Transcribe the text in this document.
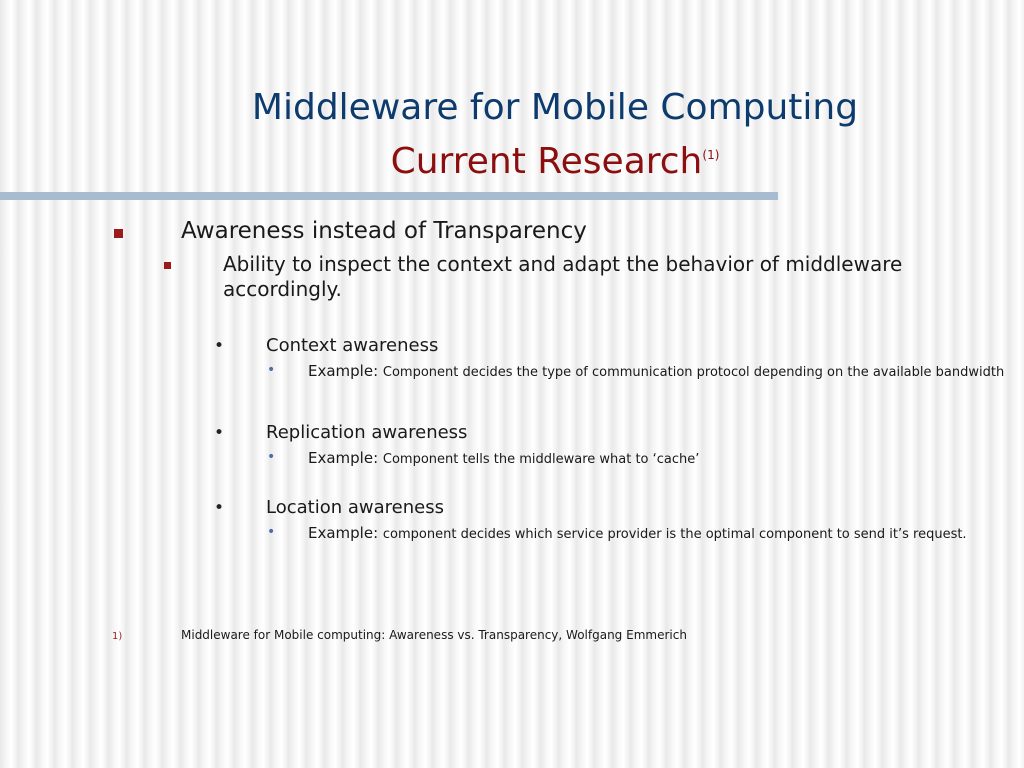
Middleware for Mobile Computing
Current Research$^{(1)}$
Awareness instead of Transparency
Ability to inspect the context and adapt the behavior of middleware accordingly.
• Context awareness
• Example: Component decides the type of communication protocol depending on the available bandwidth
• Replication awareness
• Example: Component tells the middleware what to ‘cache’
• Location awareness
• Example: component decides which service provider is the optimal component to send it’s request.
1)	Middleware for Mobile computing: Awareness vs. Transparency, Wolfgang Emmerich
